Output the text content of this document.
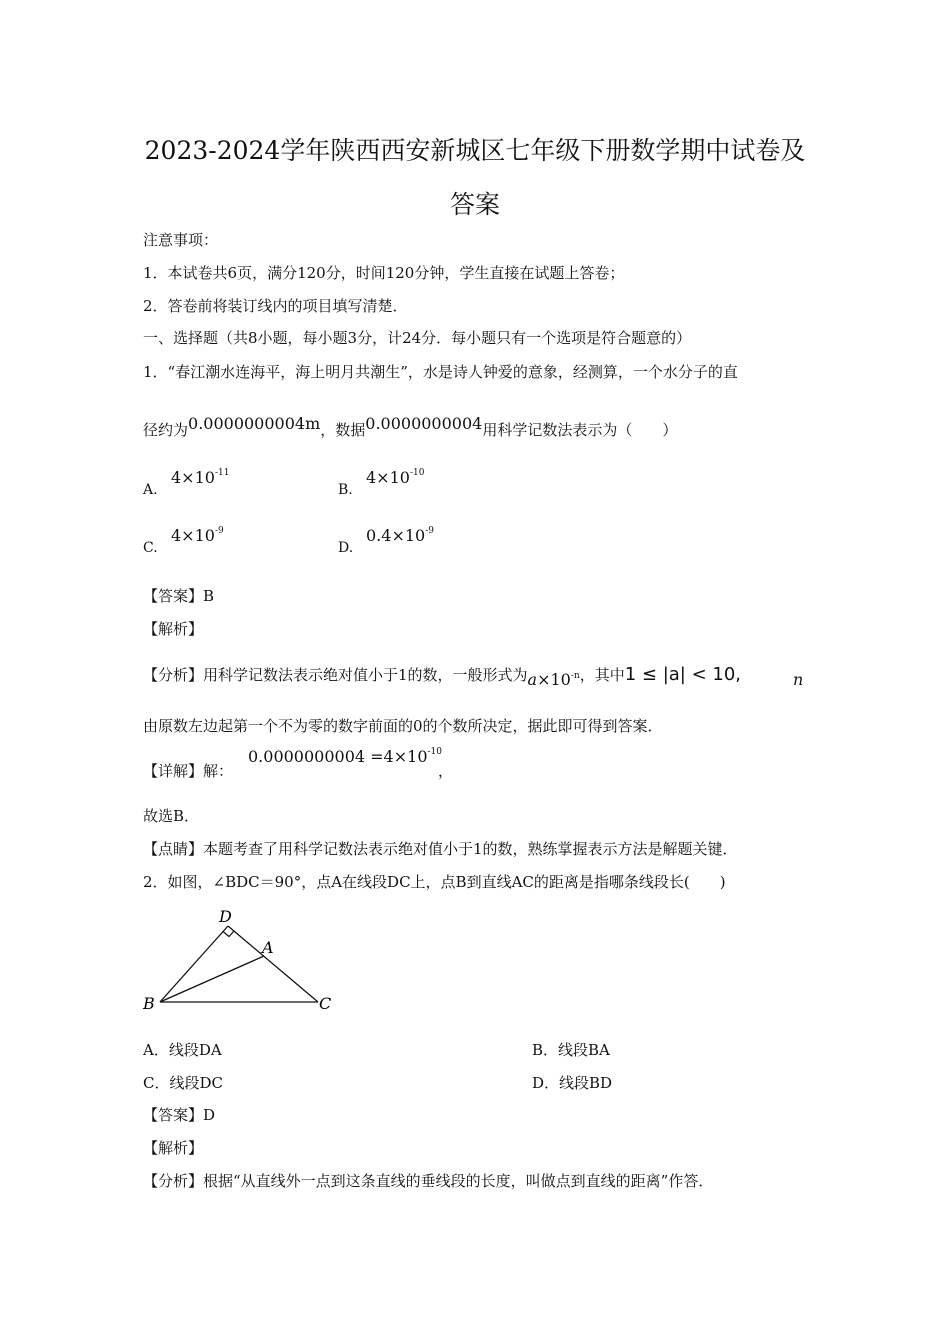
2023-2024学年陕西西安新城区七年级下册数学期中试卷及
答案
注意事项：
1．本试卷共6页，满分120分，时间120分钟，学生直接在试题上答卷；
2．答卷前将装订线内的项目填写清楚．
一、选择题（共8小题，每小题3分，计24分．每小题只有一个选项是符合题意的）
1．“春江潮水连海平，海上明月共潮生”，水是诗人钟爱的意象，经测算，一个水分子的直
径约为0.0000000004m，数据0.0000000004用科学记数法表示为（　　）
A.
$4\times 10^{-11}$
B.
$4\times 10^{-10}$
C.
$4\times 10^{-9}$
D.
$0.4\times 10^{-9}$
【答案】B
【解析】
【分析】用科学记数法表示绝对值小于1的数，一般形式为a×10-n，其中1 ≤ |a| < 10,	n
由原数左边起第一个不为零的数字前面的0的个数所决定，据此即可得到答案．
【详解】解：
$0.0000000004 =4\times 10^{-10}$
，
故选B．
【点睛】本题考查了用科学记数法表示绝对值小于1的数，熟练掌握表示方法是解题关键．
2．如图，∠BDC＝90°，点A在线段DC上，点B到直线AC的距离是指哪条线段长(　　)
D
A
B	C
A．线段DA	B．线段BA
C．线段DC	D．线段BD
【答案】D
【解析】
【分析】根据“从直线外一点到这条直线的垂线段的长度，叫做点到直线的距离”作答．
